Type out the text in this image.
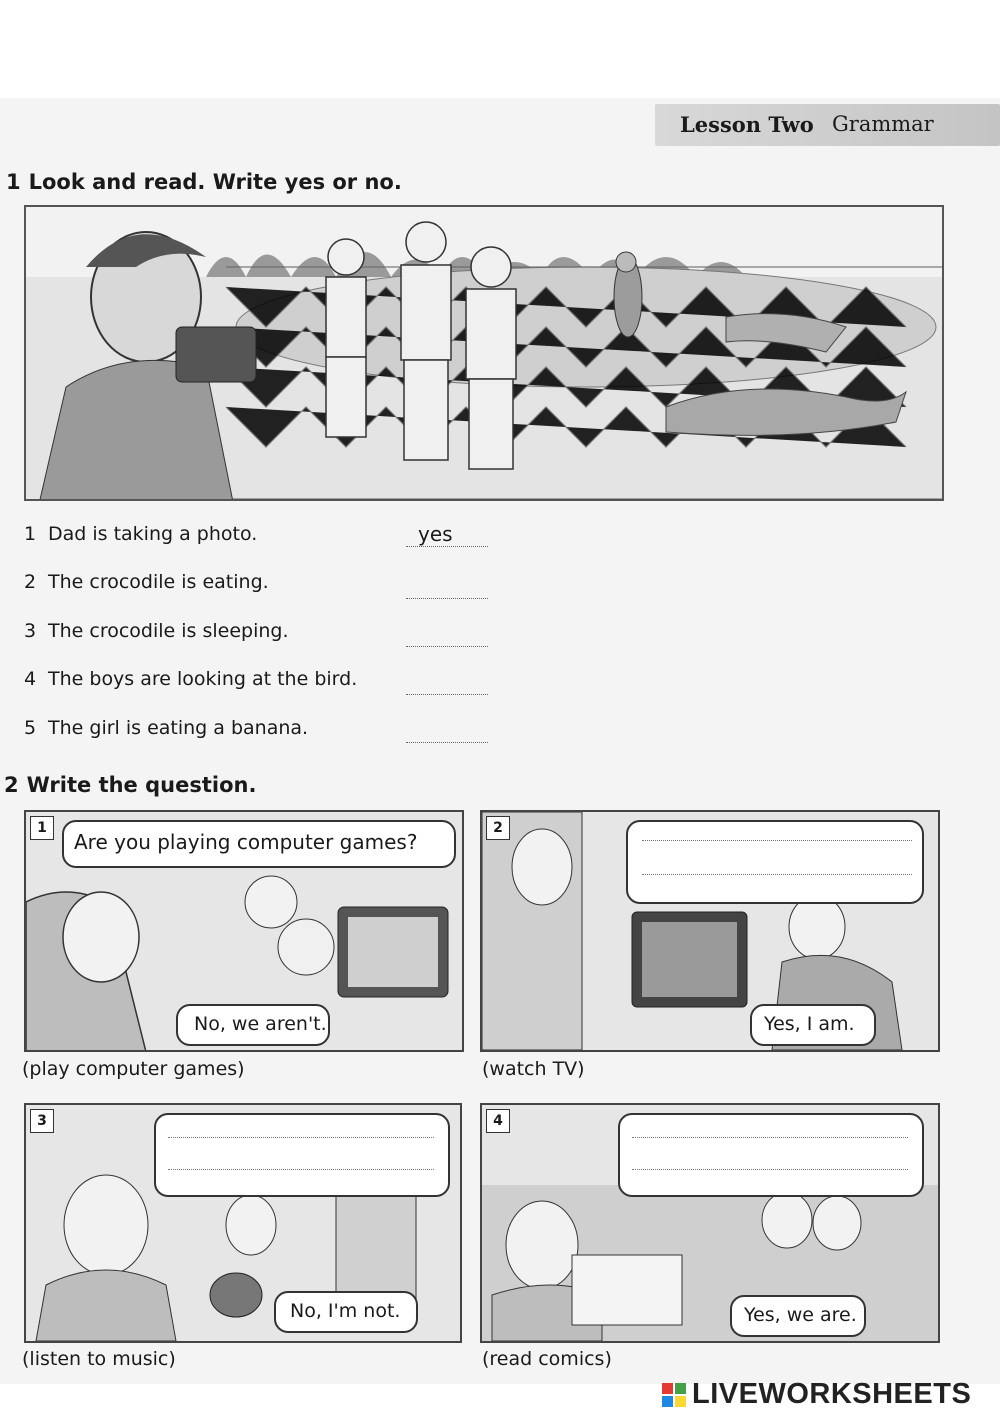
Lesson Two Grammar
1 Look and read. Write yes or no.
1 Dad is taking a photo.	yes
2 The crocodile is eating.
3 The crocodile is sleeping.
4 The boys are looking at the bird.
5 The girl is eating a banana.
2 Write the question.
1
Are you playing computer games?
No, we aren't.
(play computer games)
2
Yes, I am.
(watch TV)
3
No, I'm not.
(listen to music)
4
Yes, we are.
(read comics)
LIVEWORKSHEETS
